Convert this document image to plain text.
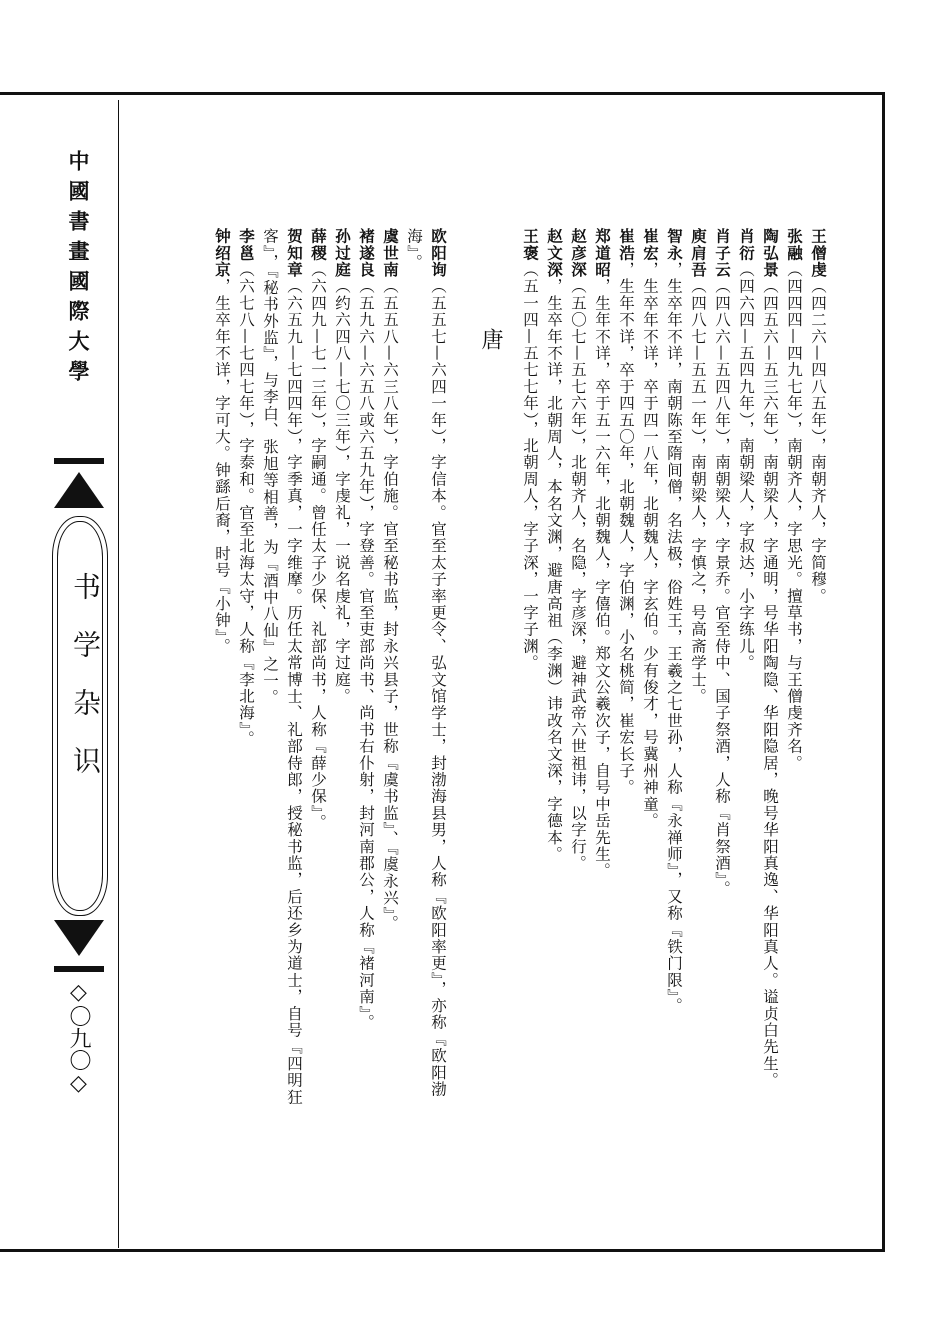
中國書畫國際大學
书学杂识
◇〇九〇◇

王僧虔（四二六—四八五年），南朝齐人，字简穆。

张融（四四四—四九七年），南朝齐人，字思光。擅草书，与王僧虔齐名。

陶弘景（四五六—五三六年），南朝梁人，字通明，号华阳陶隐、华阳隐居，晚号华阳真逸、华阳真人。谥贞白先生。

肖衍（四六四—五四九年），南朝梁人，字叔达，小字练儿。

肖子云（四八六—五四八年），南朝梁人，字景乔。官至侍中、国子祭酒，人称『肖祭酒』。

庾肩吾（四八七—五五一年），南朝梁人，字慎之，号高斋学士。

智永，生卒年不详，南朝陈至隋间僧，名法极，俗姓王，王羲之七世孙，人称『永禅师』，又称『铁门限』。

崔宏，生卒年不详，卒于四一八年，北朝魏人，字玄伯。少有俊才，号冀州神童。

崔浩，生年不详，卒于四五〇年，北朝魏人，字伯渊，小名桃简，崔宏长子。

郑道昭，生年不详，卒于五一六年，北朝魏人，字僖伯。郑文公羲次子，自号中岳先生。

赵彦深（五〇七—五七六年），北朝齐人，名隐，字彦深，避神武帝六世祖讳，以字行。

赵文深，生卒年不详，北朝周人，本名文渊，避唐高祖（李渊）讳改名文深，字德本。

王褒（五一四—五七七年），北朝周人，字子深，一字子渊。

唐

欧阳询（五五七—六四一年），字信本。官至太子率更令、弘文馆学士，封渤海县男，人称『欧阳率更』，亦称『欧阳渤海』。

虞世南（五五八—六三八年），字伯施。官至秘书监，封永兴县子，世称『虞书监』、『虞永兴』。

褚遂良（五九六—六五八或六五九年），字登善。官至吏部尚书、尚书右仆射，封河南郡公，人称『褚河南』。

孙过庭（约六四八—七〇三年），字虔礼，一说名虔礼，字过庭。

薛稷（六四九—七一三年），字嗣通。曾任太子少保、礼部尚书，人称『薛少保』。

贺知章（六五九—七四四年），字季真，一字维摩。历任太常博士、礼部侍郎，授秘书监，后还乡为道士，自号『四明狂客』，『秘书外监』，与李白、张旭等相善，为『酒中八仙』之一。

李邕（六七八—七四七年），字泰和。官至北海太守，人称『李北海』。

钟绍京，生卒年不详，字可大。钟繇后裔，时号『小钟』。
